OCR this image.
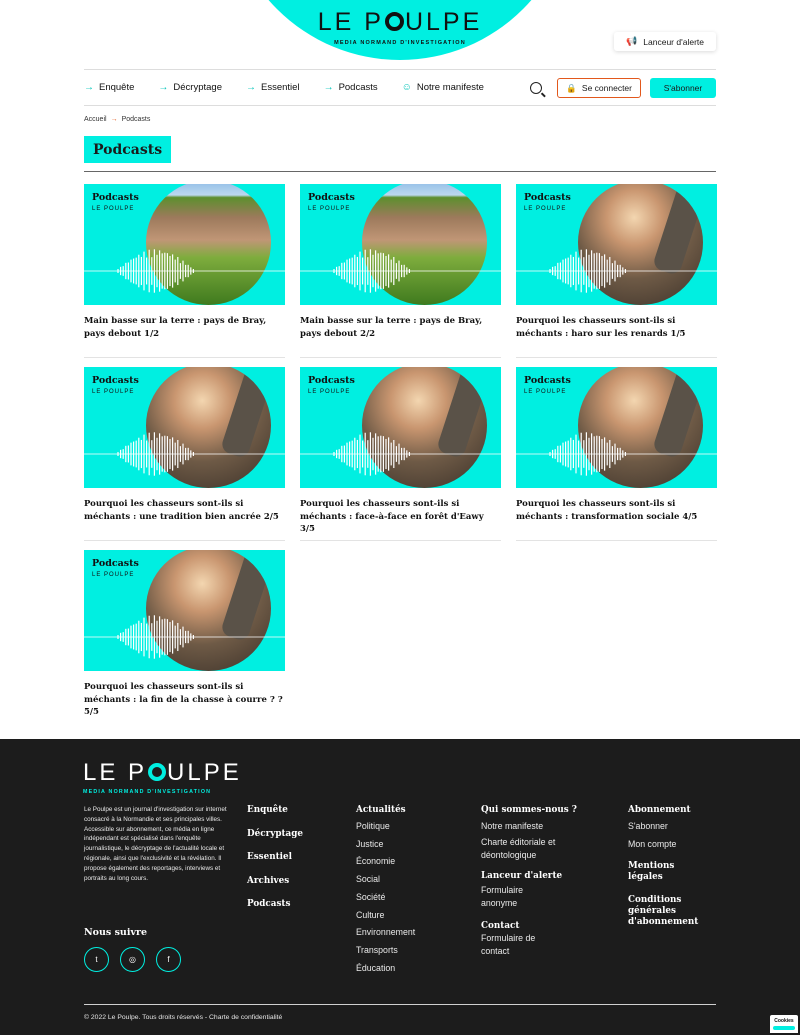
LE P ULPE
MEDIA NORMAND D'INVESTIGATION	📢 Lanceur d'alerte
→ Enquête → Décryptage → Essentiel → Podcasts ☺ Notre manifeste	🔒 Se connecter	S'abonner
Accueil → Podcasts
Podcasts
Podcasts
LE POULPE
Main basse sur la terre : pays de Bray, pays debout 1/2
Podcasts
LE POULPE
Main basse sur la terre : pays de Bray, pays debout 2/2
Podcasts
LE POULPE
Pourquoi les chasseurs sont-ils si méchants : haro sur les renards 1/5
Podcasts
LE POULPE
Pourquoi les chasseurs sont-ils si méchants : une tradition bien ancrée 2/5
Podcasts
LE POULPE
Pourquoi les chasseurs sont-ils si méchants : face-à-face en forêt d'Eawy 3/5
Podcasts
LE POULPE
Pourquoi les chasseurs sont-ils si méchants : transformation sociale 4/5
Podcasts
LE POULPE
Pourquoi les chasseurs sont-ils si méchants : la fin de la chasse à courre ? ? 5/5
LE P ULPE
MEDIA NORMAND D'INVESTIGATION
Le Poulpe est un journal d'investigation sur internet consacré à la Normandie et ses principales villes. Accessible sur abonnement, ce média en ligne indépendant est spécialisé dans l'enquête journalistique, le décryptage de l'actualité locale et régionale, ainsi que l'exclusivité et la révélation. Il propose également des reportages, interviews et portraits au long cours.
Nous suivre
t	◎	f
Enquête
Décryptage
Essentiel
Archives
Podcasts
Actualités
Politique
Justice
Économie
Social
Société
Culture
Environnement
Transports
Éducation
Qui sommes-nous ?
Notre manifeste
Charte éditoriale et déontologique
Lanceur d'alerte
Formulaire anonyme
Contact
Formulaire de contact
Abonnement
S'abonner
Mon compte
Mentions légales
Conditions générales d'abonnement
© 2022 Le Poulpe. Tous droits réservés - Charte de confidentialité	Cookies
